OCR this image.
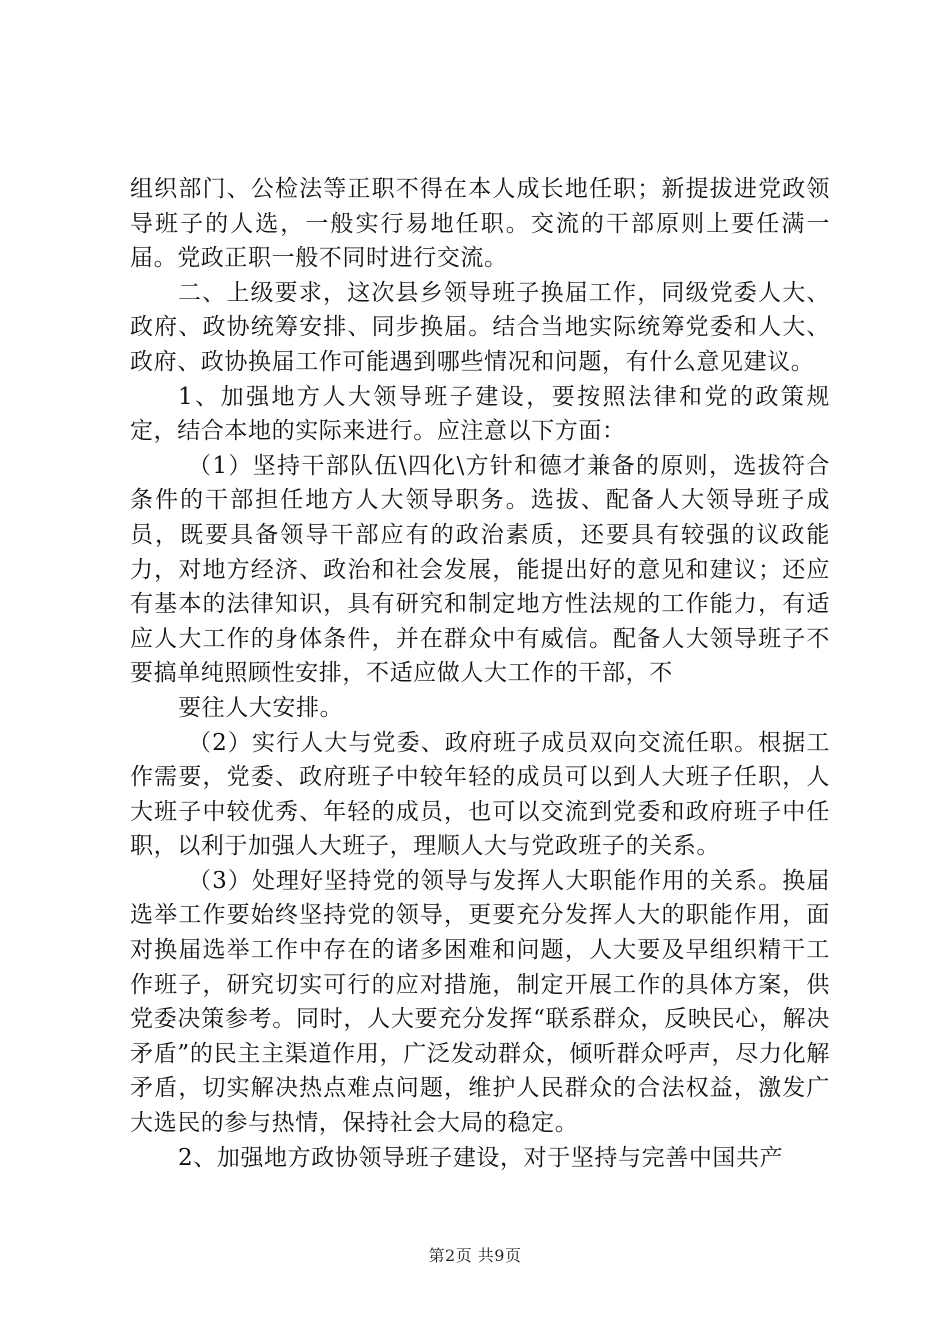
组织部门、公检法等正职不得在本人成长地任职；新提拔进党政领导班子的人选，一般实行易地任职。交流的干部原则上要任满一届。党政正职一般不同时进行交流。

二、上级要求，这次县乡领导班子换届工作，同级党委人大、政府、政协统筹安排、同步换届。结合当地实际统筹党委和人大、政府、政协换届工作可能遇到哪些情况和问题，有什么意见建议。

1、加强地方人大领导班子建设，要按照法律和党的政策规定，结合本地的实际来进行。应注意以下方面：

（1）坚持干部队伍\四化\方针和德才兼备的原则，选拔符合条件的干部担任地方人大领导职务。选拔、配备人大领导班子成员，既要具备领导干部应有的政治素质，还要具有较强的议政能力，对地方经济、政治和社会发展，能提出好的意见和建议；还应有基本的法律知识，具有研究和制定地方性法规的工作能力，有适应人大工作的身体条件，并在群众中有威信。配备人大领导班子不要搞单纯照顾性安排，不适应做人大工作的干部，不

要往人大安排。

（2）实行人大与党委、政府班子成员双向交流任职。根据工作需要，党委、政府班子中较年轻的成员可以到人大班子任职，人大班子中较优秀、年轻的成员，也可以交流到党委和政府班子中任职，以利于加强人大班子，理顺人大与党政班子的关系。

（3）处理好坚持党的领导与发挥人大职能作用的关系。换届选举工作要始终坚持党的领导，更要充分发挥人大的职能作用，面对换届选举工作中存在的诸多困难和问题，人大要及早组织精干工作班子，研究切实可行的应对措施，制定开展工作的具体方案，供党委决策参考。同时，人大要充分发挥“联系群众，反映民心，解决矛盾”的民主主渠道作用，广泛发动群众，倾听群众呼声，尽力化解矛盾，切实解决热点难点问题，维护人民群众的合法权益，激发广大选民的参与热情，保持社会大局的稳定。

2、加强地方政协领导班子建设，对于坚持与完善中国共产

第2页 共9页
